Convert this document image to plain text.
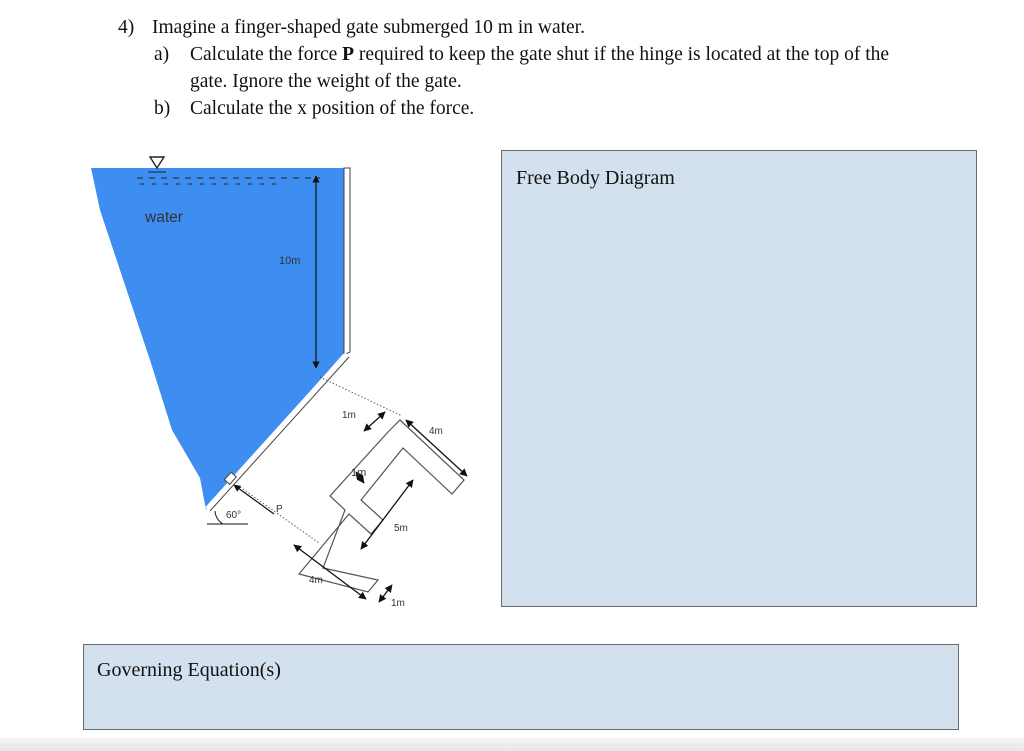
4) Imagine a finger-shaped gate submerged 10 m in water.
a) Calculate the force P required to keep the gate shut if the hinge is located at the top of the
gate. Ignore the weight of the gate.
b) Calculate the x position of the force.
10m
water
60°
P
1m
4m
1m
5m
4m
1m
Free Body Diagram
Governing Equation(s)
